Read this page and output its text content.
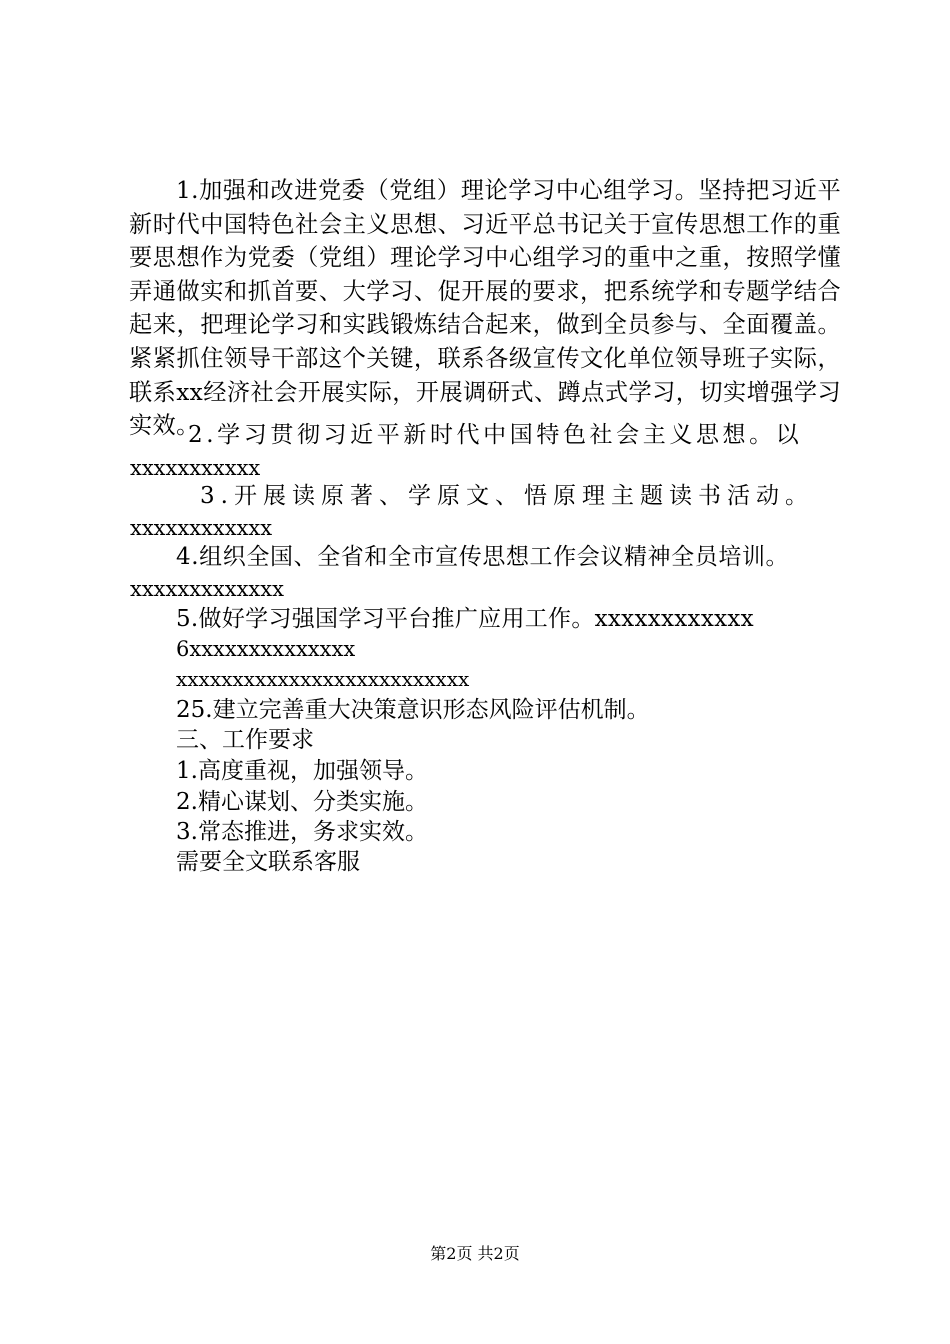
1.加强和改进党委（党组）理论学习中心组学习。坚持把习近平新时代中国特色社会主义思想、习近平总书记关于宣传思想工作的重要思想作为党委（党组）理论学习中心组学习的重中之重，按照学懂弄通做实和抓首要、大学习、促开展的要求，把系统学和专题学结合起来，把理论学习和实践锻炼结合起来，做到全员参与、全面覆盖。紧紧抓住领导干部这个关键，联系各级宣传文化单位领导班子实际，联系xx经济社会开展实际，开展调研式、蹲点式学习，切实增强学习实效。

2.学习贯彻习近平新时代中国特色社会主义思想。以

xxxxxxxxxxx

3.开展读原著、学原文、悟原理主题读书活动。

xxxxxxxxxxxx

4.组织全国、全省和全市宣传思想工作会议精神全员培训。

xxxxxxxxxxxxx

5.做好学习强国学习平台推广应用工作。xxxxxxxxxxxx

6xxxxxxxxxxxxxx

xxxxxxxxxxxxxxxxxxxxxxxxxx

25.建立完善重大决策意识形态风险评估机制。

三、工作要求

1.高度重视，加强领导。

2.精心谋划、分类实施。

3.常态推进，务求实效。

需要全文联系客服

第2页 共2页
